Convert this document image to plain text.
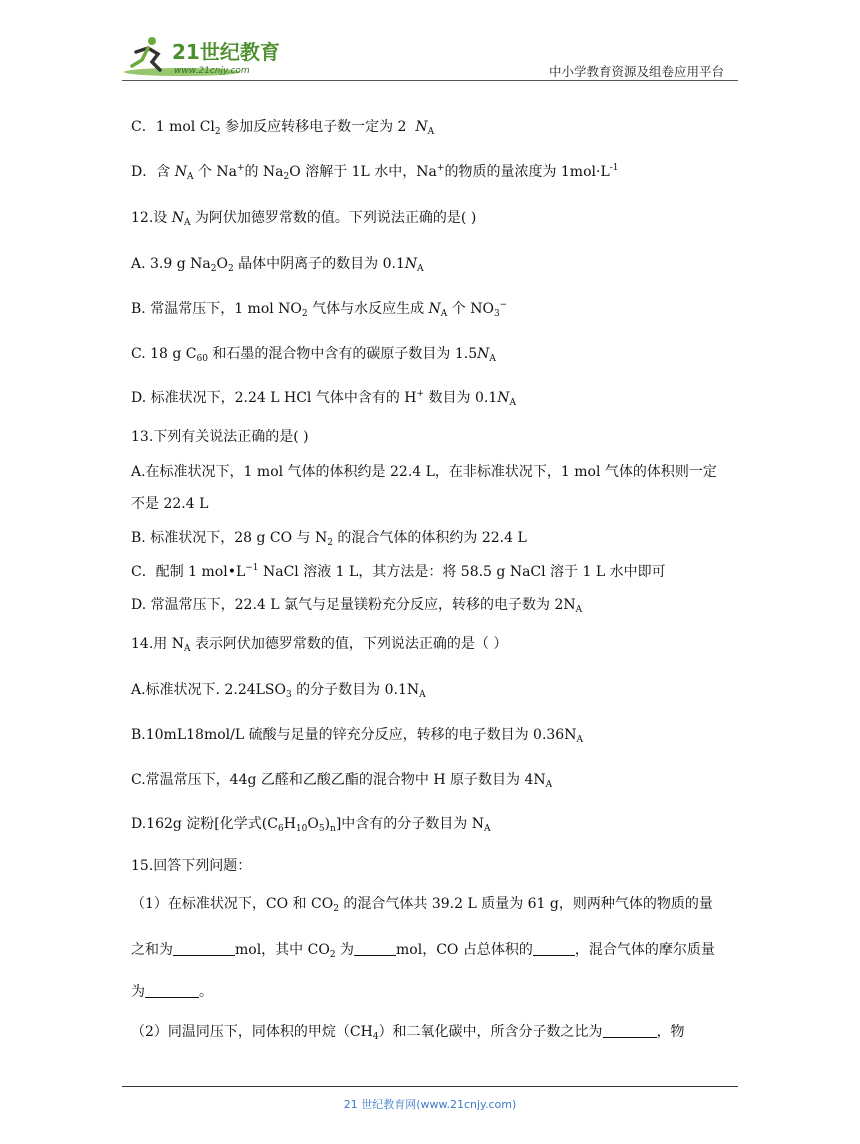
21世纪教育
www.21cnjy.com	中小学教育资源及组卷应用平台
C．1 mol $Cl_2$ 参加反应转移电子数一定为 2  $N_A$
D．含 $N_A$ 个 Na+的 $Na_2O$ 溶解于 1L 水中，Na+的物质的量浓度为 $1mol\cdot L^{-1}$
12.设 $N_A$ 为阿伏加德罗常数的值。下列说法正确的是( )
A. 3.9 g $Na_2O_2$ 晶体中阴离子的数目为 $0.1N_A$
B. 常温常压下，1 mol $NO_2$ 气体与水反应生成 $N_A$ 个 $NO_3^-$
C. 18 g $C_{60}$ 和石墨的混合物中含有的碳原子数目为 $1.5N_A$
D. 标准状况下，2.24 L HCl 气体中含有的 H+ 数目为 $0.1N_A$
13.下列有关说法正确的是( )
A.在标准状况下，1 mol 气体的体积约是 22.4 L，在非标准状况下，1 mol 气体的体积则一定
不是 22.4 L
B. 标准状况下，28 g CO 与 $N_2$ 的混合气体的体积约为 22.4 L
C．配制 1 $mol•L^{-1}$ NaCl 溶液 1 L，其方法是：将 58.5 g NaCl 溶于 1 L 水中即可
D. 常温常压下，22.4 L 氯气与足量镁粉充分反应，转移的电子数为 $2N_A$
14.用 $N_A$ 表示阿伏加德罗常数的值，下列说法正确的是（ ）
A.标准状况下. $2.24LSO_3$ 的分子数目为 $0.1N_A$
B.10mL18mol/L 硫酸与足量的锌充分反应，转移的电子数目为 $0.36N_A$
C.常温常压下，44g 乙醛和乙酸乙酯的混合物中 H 原子数目为 $4N_A$
D.162g 淀粉[化学式$(C_6H_{10}O_5)_n$]中含有的分子数目为 $N_A$
15.回答下列问题：
（1）在标准状况下，CO 和 $CO_2$ 的混合气体共 39.2 L 质量为 61 g，则两种气体的物质的量
之和为	mol，其中 $CO_2$ 为	mol，CO 占总体积的	，混合气体的摩尔质量
为	。
（2）同温同压下，同体积的甲烷$(CH_4)$和二氧化碳中，所含分子数之比为	，物
21 世纪教育网(www.21cnjy.com)
